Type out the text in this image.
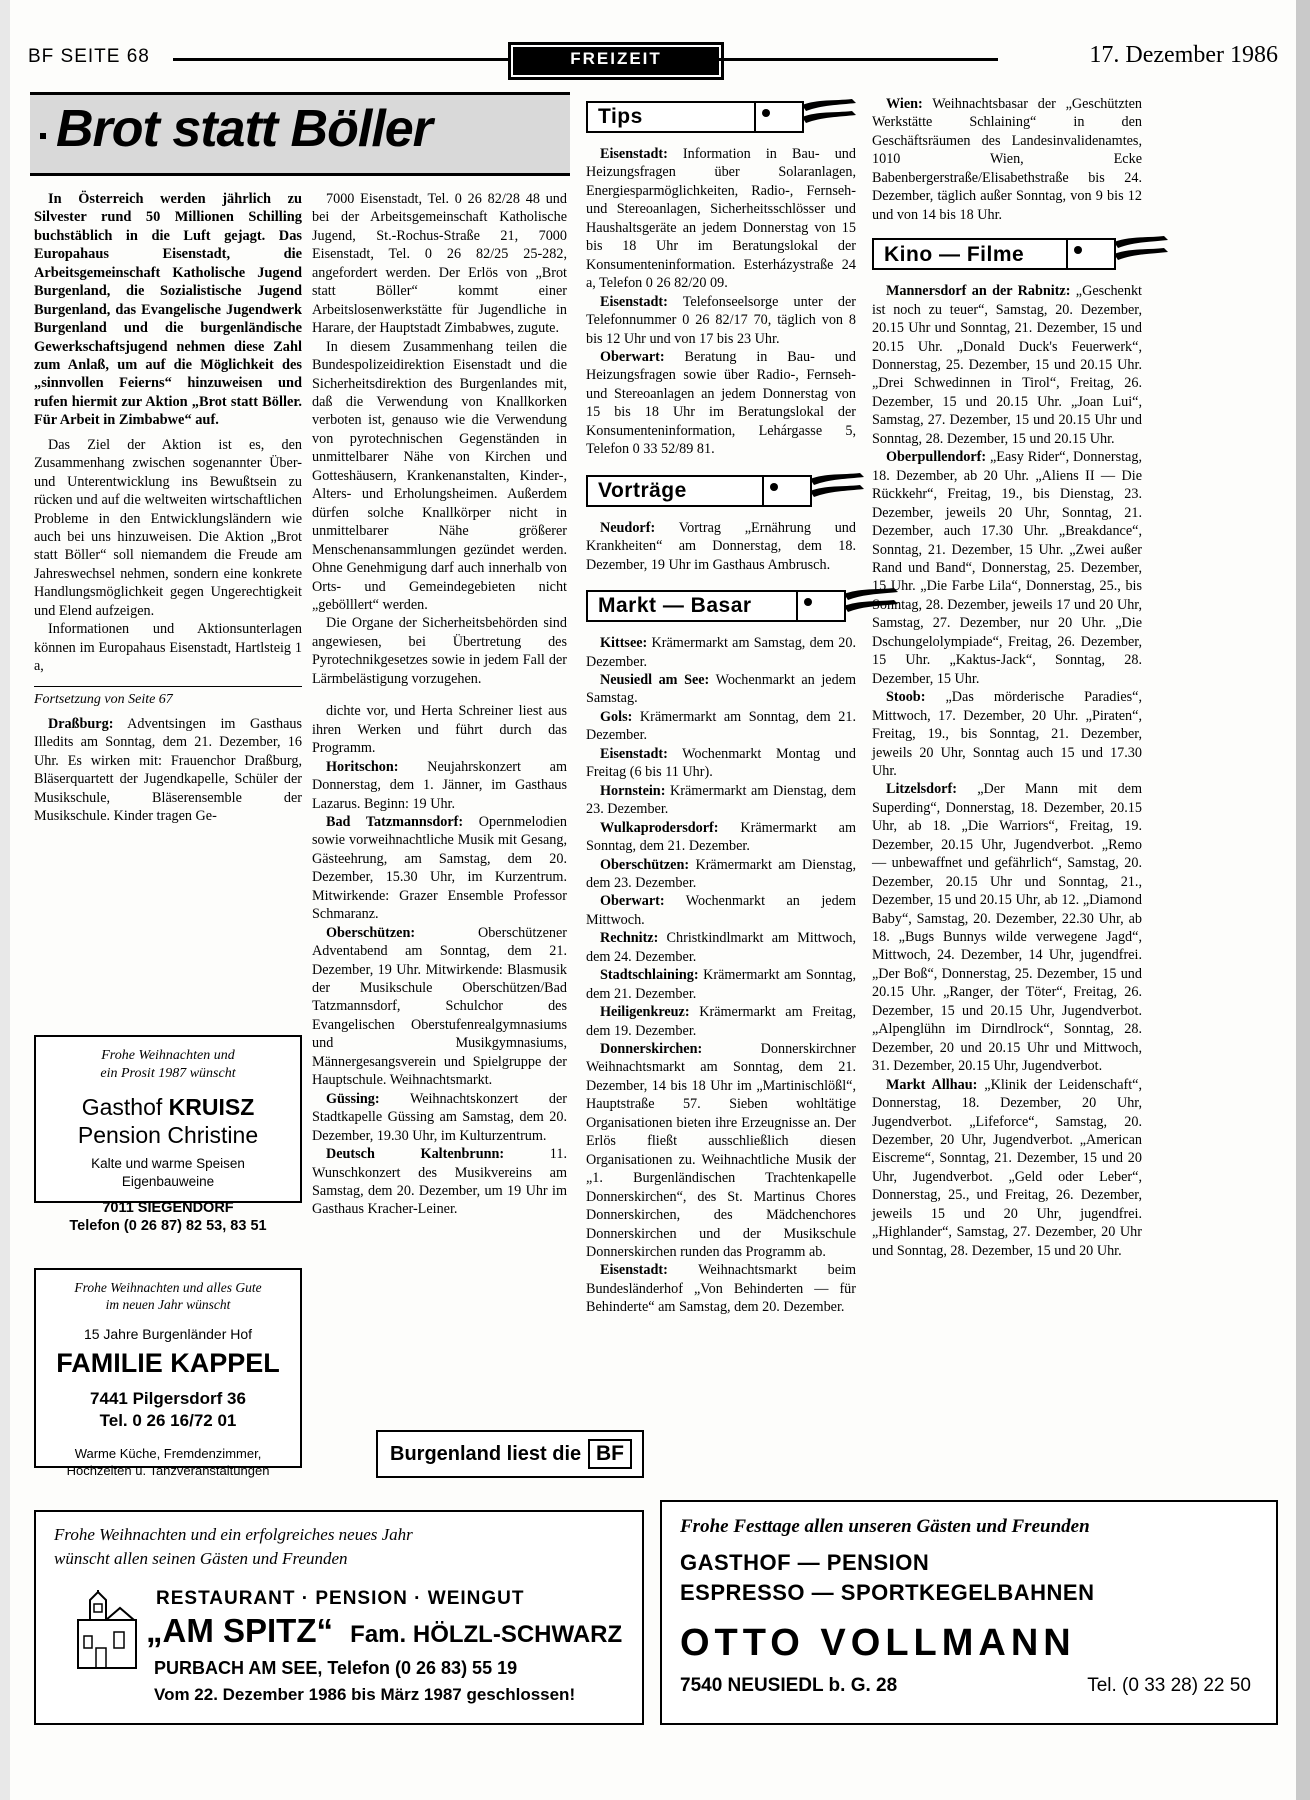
BF SEITE 68	FREIZEIT	17. Dezember 1986
Brot statt Böller

In Österreich werden jährlich zu Silvester rund 50 Millionen Schilling buchstäblich in die Luft gejagt. Das Europahaus Eisenstadt, die Arbeitsgemeinschaft Katholische Jugend Burgenland, die Sozialistische Jugend Burgenland, das Evangelische Jugendwerk Burgenland und die burgenländische Gewerkschaftsjugend nehmen diese Zahl zum Anlaß, um auf die Möglichkeit des „sinnvollen Feierns“ hinzuweisen und rufen hiermit zur Aktion „Brot statt Böller. Für Arbeit in Zimbabwe“ auf.

Das Ziel der Aktion ist es, den Zusammenhang zwischen sogenannter Über- und Unterentwicklung ins Bewußtsein zu rücken und auf die weltweiten wirtschaftlichen Probleme in den Entwicklungsländern wie auch bei uns hinzuweisen. Die Aktion „Brot statt Böller“ soll niemandem die Freude am Jahreswechsel nehmen, sondern eine konkrete Handlungsmöglichkeit gegen Ungerechtigkeit und Elend aufzeigen.

Informationen und Aktionsunterlagen können im Europahaus Eisenstadt, Hartlsteig 1 a,

Fortsetzung von Seite 67

Draßburg: Adventsingen im Gasthaus Illedits am Sonntag, dem 21. Dezember, 16 Uhr. Es wirken mit: Frauenchor Draßburg, Bläserquartett der Jugendkapelle, Schüler der Musikschule, Bläserensemble der Musikschule. Kinder tragen Ge-

7000 Eisenstadt, Tel. 0 26 82/28 48 und bei der Arbeitsgemeinschaft Katholische Jugend, St.-Rochus-Straße 21, 7000 Eisenstadt, Tel. 0 26 82/25 25-282, angefordert werden. Der Erlös von „Brot statt Böller“ kommt einer Arbeitslosenwerkstätte für Jugendliche in Harare, der Hauptstadt Zimbabwes, zugute.

In diesem Zusammenhang teilen die Bundespolizeidirektion Eisenstadt und die Sicherheitsdirektion des Burgenlandes mit, daß die Verwendung von Knallkorken verboten ist, genauso wie die Verwendung von pyrotechnischen Gegenständen in unmittelbarer Nähe von Kirchen und Gotteshäusern, Krankenanstalten, Kinder-, Alters- und Erholungsheimen. Außerdem dürfen solche Knallkörper nicht in unmittelbarer Nähe größerer Menschenansammlungen gezündet werden. Ohne Genehmigung darf auch innerhalb von Orts- und Gemeindegebieten nicht „gebölllert“ werden.

Die Organe der Sicherheitsbehörden sind angewiesen, bei Übertretung des Pyrotechnikgesetzes sowie in jedem Fall der Lärmbelästigung vorzugehen.

dichte vor, und Herta Schreiner liest aus ihren Werken und führt durch das Programm.

Horitschon: Neujahrskonzert am Donnerstag, dem 1. Jänner, im Gasthaus Lazarus. Beginn: 19 Uhr.

Bad Tatzmannsdorf: Opernmelodien sowie vorweihnachtliche Musik mit Gesang, Gästeehrung, am Samstag, dem 20. Dezember, 15.30 Uhr, im Kurzentrum. Mitwirkende: Grazer Ensemble Professor Schmaranz.

Oberschützen: Oberschützener Adventabend am Sonntag, dem 21. Dezember, 19 Uhr. Mitwirkende: Blasmusik der Musikschule Oberschützen/Bad Tatzmannsdorf, Schulchor des Evangelischen Oberstufenrealgymnasiums und Musikgymnasiums, Männergesangsverein und Spielgruppe der Hauptschule. Weihnachtsmarkt.

Güssing: Weihnachtskonzert der Stadtkapelle Güssing am Samstag, dem 20. Dezember, 19.30 Uhr, im Kulturzentrum.

Deutsch Kaltenbrunn: 11. Wunschkonzert des Musikvereins am Samstag, dem 20. Dezember, um 19 Uhr im Gasthaus Kracher-Leiner.

Tips

Eisenstadt: Information in Bau- und Heizungsfragen über Solaranlagen, Energiesparmöglichkeiten, Radio-, Fernseh- und Stereoanlagen, Sicherheitsschlösser und Haushaltsgeräte an jedem Donnerstag von 15 bis 18 Uhr im Beratungslokal der Konsumenteninformation. Esterházystraße 24 a, Telefon 0 26 82/20 09.

Eisenstadt: Telefonseelsorge unter der Telefonnummer 0 26 82/17 70, täglich von 8 bis 12 Uhr und von 17 bis 23 Uhr.

Oberwart: Beratung in Bau- und Heizungsfragen sowie über Radio-, Fernseh- und Stereoanlagen an jedem Donnerstag von 15 bis 18 Uhr im Beratungslokal der Konsumenteninformation, Lehárgasse 5, Telefon 0 33 52/89 81.

Vorträge

Neudorf: Vortrag „Ernährung und Krankheiten“ am Donnerstag, dem 18. Dezember, 19 Uhr im Gasthaus Ambrusch.

Markt — Basar

Kittsee: Krämermarkt am Samstag, dem 20. Dezember.

Neusiedl am See: Wochenmarkt an jedem Samstag.

Gols: Krämermarkt am Sonntag, dem 21. Dezember.

Eisenstadt: Wochenmarkt Montag und Freitag (6 bis 11 Uhr).

Hornstein: Krämermarkt am Dienstag, dem 23. Dezember.

Wulkaprodersdorf: Krämermarkt am Sonntag, dem 21. Dezember.

Oberschützen: Krämermarkt am Dienstag, dem 23. Dezember.

Oberwart: Wochenmarkt an jedem Mittwoch.

Rechnitz: Christkindlmarkt am Mittwoch, dem 24. Dezember.

Stadtschlaining: Krämermarkt am Sonntag, dem 21. Dezember.

Heiligenkreuz: Krämermarkt am Freitag, dem 19. Dezember.

Donnerskirchen: Donnerskirchner Weihnachtsmarkt am Sonntag, dem 21. Dezember, 14 bis 18 Uhr im „Martinischlößl“, Hauptstraße 57. Sieben wohltätige Organisationen bieten ihre Erzeugnisse an. Der Erlös fließt ausschließlich diesen Organisationen zu. Weihnachtliche Musik der „1. Burgenländischen Trachtenkapelle Donnerskirchen“, des St. Martinus Chores Donnerskirchen, des Mädchenchores Donnerskirchen und der Musikschule Donnerskirchen runden das Programm ab.

Eisenstadt: Weihnachtsmarkt beim Bundesländerhof „Von Behinderten — für Behinderte“ am Samstag, dem 20. Dezember.

Wien: Weihnachtsbasar der „Geschützten Werkstätte Schlaining“ in den Geschäftsräumen des Landesinvalidenamtes, 1010 Wien, Ecke Babenbergerstraße/Elisabethstraße bis 24. Dezember, täglich außer Sonntag, von 9 bis 12 und von 14 bis 18 Uhr.

Kino — Filme

Mannersdorf an der Rabnitz: „Geschenkt ist noch zu teuer“, Samstag, 20. Dezember, 20.15 Uhr und Sonntag, 21. Dezember, 15 und 20.15 Uhr. „Donald Duck's Feuerwerk“, Donnerstag, 25. Dezember, 15 und 20.15 Uhr. „Drei Schwedinnen in Tirol“, Freitag, 26. Dezember, 15 und 20.15 Uhr. „Joan Lui“, Samstag, 27. Dezember, 15 und 20.15 Uhr und Sonntag, 28. Dezember, 15 und 20.15 Uhr.

Oberpullendorf: „Easy Rider“, Donnerstag, 18. Dezember, ab 20 Uhr. „Aliens II — Die Rückkehr“, Freitag, 19., bis Dienstag, 23. Dezember, jeweils 20 Uhr, Sonntag, 21. Dezember, auch 17.30 Uhr. „Breakdance“, Sonntag, 21. Dezember, 15 Uhr. „Zwei außer Rand und Band“, Donnerstag, 25. Dezember, 15 Uhr. „Die Farbe Lila“, Donnerstag, 25., bis Sonntag, 28. Dezember, jeweils 17 und 20 Uhr, Samstag, 27. Dezember, nur 20 Uhr. „Die Dschungelolympiade“, Freitag, 26. Dezember, 15 Uhr. „Kaktus-Jack“, Sonntag, 28. Dezember, 15 Uhr.

Stoob: „Das mörderische Paradies“, Mittwoch, 17. Dezember, 20 Uhr. „Piraten“, Freitag, 19., bis Sonntag, 21. Dezember, jeweils 20 Uhr, Sonntag auch 15 und 17.30 Uhr.

Litzelsdorf: „Der Mann mit dem Superding“, Donnerstag, 18. Dezember, 20.15 Uhr, ab 18. „Die Warriors“, Freitag, 19. Dezember, 20.15 Uhr, Jugendverbot. „Remo — unbewaffnet und gefährlich“, Samstag, 20. Dezember, 20.15 Uhr und Sonntag, 21., Dezember, 15 und 20.15 Uhr, ab 12. „Diamond Baby“, Samstag, 20. Dezember, 22.30 Uhr, ab 18. „Bugs Bunnys wilde verwegene Jagd“, Mittwoch, 24. Dezember, 14 Uhr, jugendfrei. „Der Boß“, Donnerstag, 25. Dezember, 15 und 20.15 Uhr. „Ranger, der Töter“, Freitag, 26. Dezember, 15 und 20.15 Uhr, Jugendverbot. „Alpenglühn im Dirndlrock“, Sonntag, 28. Dezember, 20 und 20.15 Uhr und Mittwoch, 31. Dezember, 20.15 Uhr, Jugendverbot.

Markt Allhau: „Klinik der Leidenschaft“, Donnerstag, 18. Dezember, 20 Uhr, Jugendverbot. „Lifeforce“, Samstag, 20. Dezember, 20 Uhr, Jugendverbot. „American Eiscreme“, Sonntag, 21. Dezember, 15 und 20 Uhr, Jugendverbot. „Geld oder Leber“, Donnerstag, 25., und Freitag, 26. Dezember, jeweils 15 und 20 Uhr, jugendfrei. „Highlander“, Samstag, 27. Dezember, 20 Uhr und Sonntag, 28. Dezember, 15 und 20 Uhr.

Frohe Weihnachten und
ein Prosit 1987 wünscht
Gasthof KRUISZ
Pension Christine
Kalte und warme Speisen
Eigenbauweine
7011 SIEGENDORF
Telefon (0 26 87) 82 53, 83 51
Frohe Weihnachten und alles Gute
im neuen Jahr wünscht
15 Jahre Burgenländer Hof
FAMILIE KAPPEL
7441 Pilgersdorf 36
Tel. 0 26 16/72 01
Warme Küche, Fremdenzimmer,
Hochzeiten u. Tanzveranstaltungen
Burgenland liest die BF
Frohe Weihnachten und ein erfolgreiches neues Jahr
wünscht allen seinen Gästen und Freunden
RESTAURANT · PENSION · WEINGUT
„AM SPITZ“ Fam. HÖLZL-SCHWARZ
PURBACH AM SEE, Telefon (0 26 83) 55 19
Vom 22. Dezember 1986 bis März 1987 geschlossen!
Frohe Festtage allen unseren Gästen und Freunden
GASTHOF — PENSION
ESPRESSO — SPORTKEGELBAHNEN
OTTO VOLLMANN
7540 NEUSIEDL b. G. 28	Tel. (0 33 28) 22 50
